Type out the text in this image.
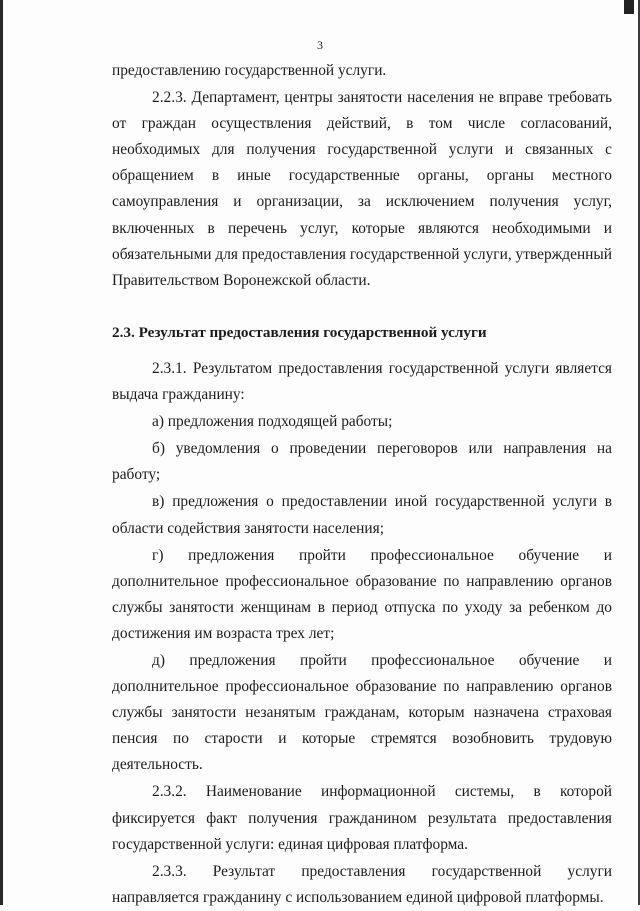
3

предоставлению государственной услуги.

2.2.3. Департамент, центры занятости населения не вправе требовать от граждан осуществления действий, в том числе согласований, необходимых для получения государственной услуги и связанных с обращением в иные государственные органы, органы местного самоуправления и организации, за исключением получения услуг, включенных в перечень услуг, которые являются необходимыми и обязательными для предоставления государственной услуги, утвержденный Правительством Воронежской области.

2.3. Результат предоставления государственной услуги

2.3.1. Результатом предоставления государственной услуги является выдача гражданину:

а) предложения подходящей работы;

б) уведомления о проведении переговоров или направления на работу;

в) предложения о предоставлении иной государственной услуги в области содействия занятости населения;

г) предложения пройти профессиональное обучение и дополнительное профессиональное образование по направлению органов службы занятости женщинам в период отпуска по уходу за ребенком до достижения им возраста трех лет;

д) предложения пройти профессиональное обучение и дополнительное профессиональное образование по направлению органов службы занятости незанятым гражданам, которым назначена страховая пенсия по старости и которые стремятся возобновить трудовую деятельность.

2.3.2. Наименование информационной системы, в которой фиксируется факт получения гражданином результата предоставления государственной услуги: единая цифровая платформа.

2.3.3. Результат предоставления государственной услуги направляется гражданину с использованием единой цифровой платформы.
